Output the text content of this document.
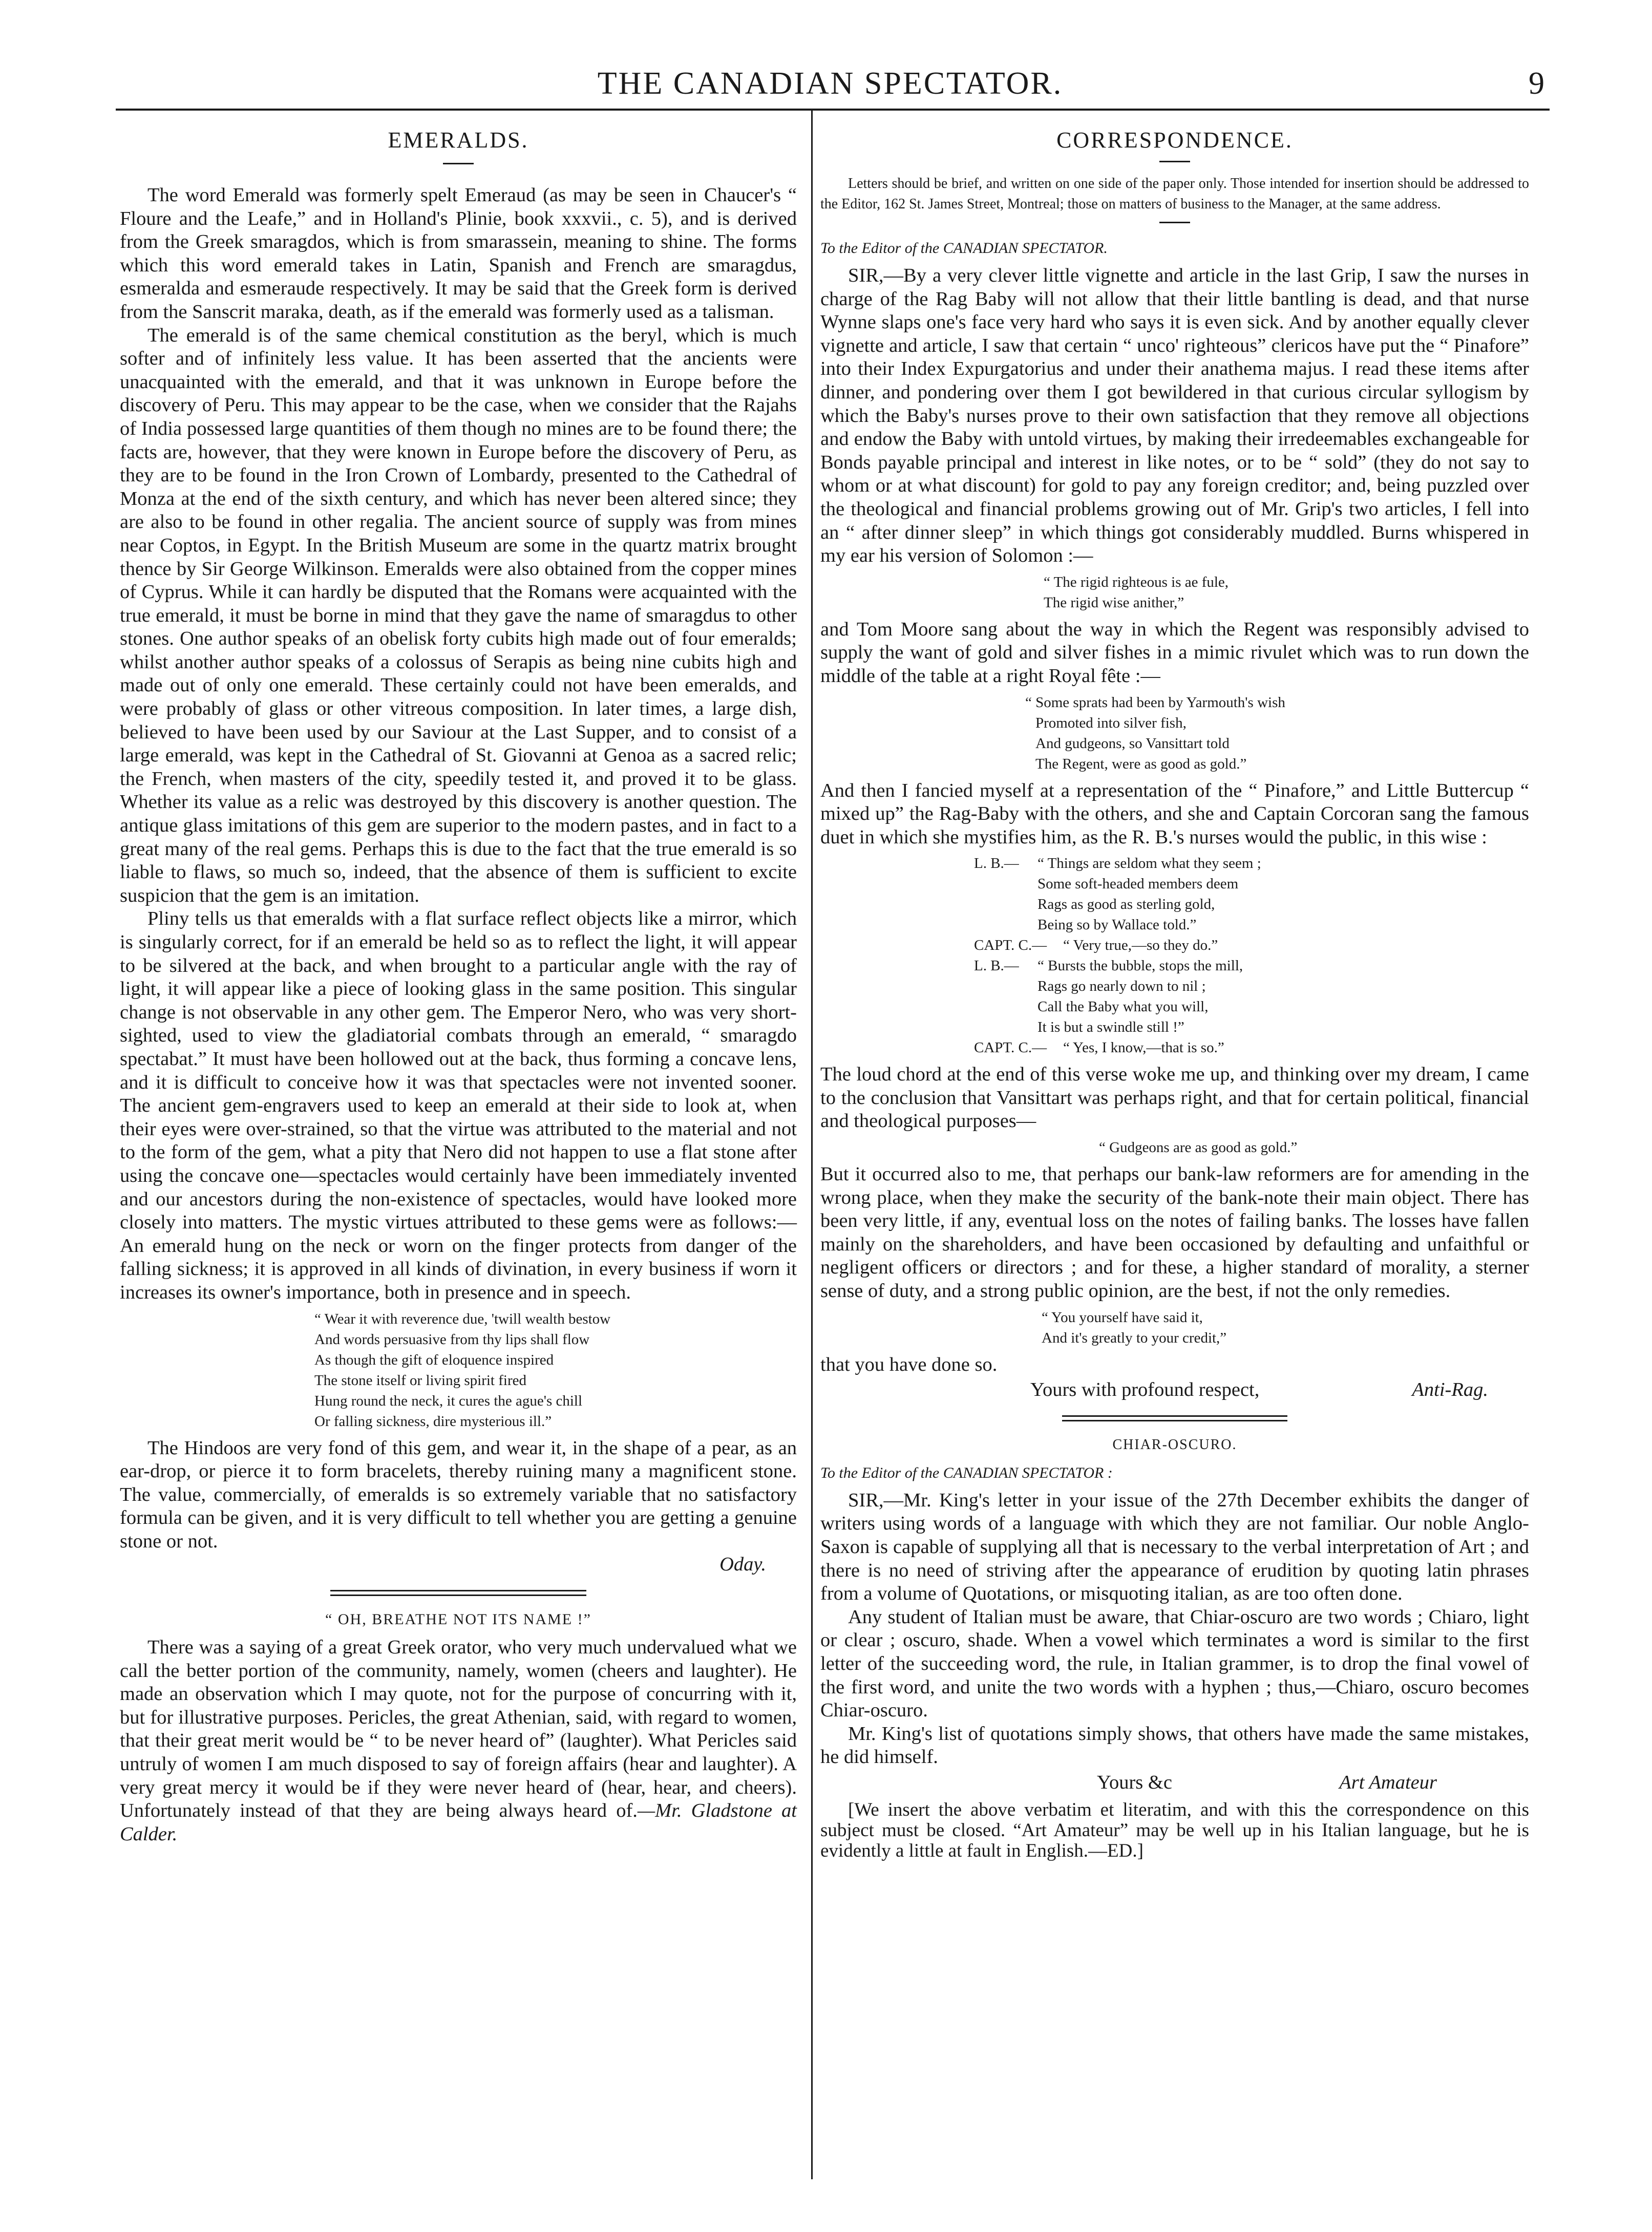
THE CANADIAN SPECTATOR.	9
EMERALDS.

The word Emerald was formerly spelt Emeraud (as may be seen in Chaucer's “ Floure and the Leafe,” and in Holland's Plinie, book xxxvii., c. 5), and is derived from the Greek smaragdos, which is from smarassein, meaning to shine. The forms which this word emerald takes in Latin, Spanish and French are smaragdus, esmeralda and esmeraude respectively. It may be said that the Greek form is derived from the Sanscrit maraka, death, as if the emerald was formerly used as a talisman.

The emerald is of the same chemical constitution as the beryl, which is much softer and of infinitely less value. It has been asserted that the ancients were unacquainted with the emerald, and that it was unknown in Europe before the discovery of Peru. This may appear to be the case, when we consider that the Rajahs of India possessed large quantities of them though no mines are to be found there; the facts are, however, that they were known in Europe before the discovery of Peru, as they are to be found in the Iron Crown of Lombardy, presented to the Cathedral of Monza at the end of the sixth century, and which has never been altered since; they are also to be found in other regalia. The ancient source of supply was from mines near Coptos, in Egypt. In the British Museum are some in the quartz matrix brought thence by Sir George Wilkinson. Emeralds were also obtained from the copper mines of Cyprus. While it can hardly be disputed that the Romans were acquainted with the true emerald, it must be borne in mind that they gave the name of smaragdus to other stones. One author speaks of an obelisk forty cubits high made out of four emeralds; whilst another author speaks of a colossus of Serapis as being nine cubits high and made out of only one emerald. These certainly could not have been emeralds, and were probably of glass or other vitreous composition. In later times, a large dish, believed to have been used by our Saviour at the Last Supper, and to consist of a large emerald, was kept in the Cathedral of St. Giovanni at Genoa as a sacred relic; the French, when masters of the city, speedily tested it, and proved it to be glass. Whether its value as a relic was destroyed by this discovery is another question. The antique glass imitations of this gem are superior to the modern pastes, and in fact to a great many of the real gems. Perhaps this is due to the fact that the true emerald is so liable to flaws, so much so, indeed, that the absence of them is sufficient to excite suspicion that the gem is an imitation.

Pliny tells us that emeralds with a flat surface reflect objects like a mirror, which is singularly correct, for if an emerald be held so as to reflect the light, it will appear to be silvered at the back, and when brought to a particular angle with the ray of light, it will appear like a piece of looking glass in the same position. This singular change is not observable in any other gem. The Emperor Nero, who was very short-sighted, used to view the gladiatorial combats through an emerald, “ smaragdo spectabat.” It must have been hollowed out at the back, thus forming a concave lens, and it is difficult to conceive how it was that spectacles were not invented sooner. The ancient gem-engravers used to keep an emerald at their side to look at, when their eyes were over-strained, so that the virtue was attributed to the material and not to the form of the gem, what a pity that Nero did not happen to use a flat stone after using the concave one—spectacles would certainly have been immediately invented and our ancestors during the non-existence of spectacles, would have looked more closely into matters. The mystic virtues attributed to these gems were as follows:—An emerald hung on the neck or worn on the finger protects from danger of the falling sickness; it is approved in all kinds of divination, in every business if worn it increases its owner's importance, both in presence and in speech.

“ Wear it with reverence due, 'twill wealth bestow
And words persuasive from thy lips shall flow
As though the gift of eloquence inspired
The stone itself or living spirit fired
Hung round the neck, it cures the ague's chill
Or falling sickness, dire mysterious ill.”

The Hindoos are very fond of this gem, and wear it, in the shape of a pear, as an ear-drop, or pierce it to form bracelets, thereby ruining many a magnificent stone. The value, commercially, of emeralds is so extremely variable that no satisfactory formula can be given, and it is very difficult to tell whether you are getting a genuine stone or not.

Oday.
“ OH, BREATHE NOT ITS NAME !”

There was a saying of a great Greek orator, who very much undervalued what we call the better portion of the community, namely, women (cheers and laughter). He made an observation which I may quote, not for the purpose of concurring with it, but for illustrative purposes. Pericles, the great Athenian, said, with regard to women, that their great merit would be “ to be never heard of” (laughter). What Pericles said untruly of women I am much disposed to say of foreign affairs (hear and laughter). A very great mercy it would be if they were never heard of (hear, hear, and cheers). Unfortunately instead of that they are being always heard of.—Mr. Gladstone at Calder.

CORRESPONDENCE.

Letters should be brief, and written on one side of the paper only. Those intended for insertion should be addressed to the Editor, 162 St. James Street, Montreal; those on matters of business to the Manager, at the same address.

To the Editor of the CANADIAN SPECTATOR.

SIR,—By a very clever little vignette and article in the last Grip, I saw the nurses in charge of the Rag Baby will not allow that their little bantling is dead, and that nurse Wynne slaps one's face very hard who says it is even sick. And by another equally clever vignette and article, I saw that certain “ unco' righteous” clericos have put the “ Pinafore” into their Index Expurgatorius and under their anathema majus. I read these items after dinner, and pondering over them I got bewildered in that curious circular syllogism by which the Baby's nurses prove to their own satisfaction that they remove all objections and endow the Baby with untold virtues, by making their irredeemables exchangeable for Bonds payable principal and interest in like notes, or to be “ sold” (they do not say to whom or at what discount) for gold to pay any foreign creditor; and, being puzzled over the theological and financial problems growing out of Mr. Grip's two articles, I fell into an “ after dinner sleep” in which things got considerably muddled. Burns whispered in my ear his version of Solomon :—

“ The rigid righteous is ae fule,
The rigid wise anither,”

and Tom Moore sang about the way in which the Regent was responsibly advised to supply the want of gold and silver fishes in a mimic rivulet which was to run down the middle of the table at a right Royal fête :—

“ Some sprats had been by Yarmouth's wish
Promoted into silver fish,
And gudgeons, so Vansittart told
The Regent, were as good as gold.”

And then I fancied myself at a representation of the “ Pinafore,” and Little Buttercup “ mixed up” the Rag-Baby with the others, and she and Captain Corcoran sang the famous duet in which she mystifies him, as the R. B.'s nurses would the public, in this wise :

L. B.—	“ Things are seldom what they seem ;
Some soft-headed members deem
Rags as good as sterling gold,
Being so by Wallace told.”
CAPT. C.—	“ Very true,—so they do.”
L. B.—	“ Bursts the bubble, stops the mill,
Rags go nearly down to nil ;
Call the Baby what you will,
It is but a swindle still !”
CAPT. C.—	“ Yes, I know,—that is so.”

The loud chord at the end of this verse woke me up, and thinking over my dream, I came to the conclusion that Vansittart was perhaps right, and that for certain political, financial and theological purposes—

“ Gudgeons are as good as gold.”

But it occurred also to me, that perhaps our bank-law reformers are for amending in the wrong place, when they make the security of the bank-note their main object. There has been very little, if any, eventual loss on the notes of failing banks. The losses have fallen mainly on the shareholders, and have been occasioned by defaulting and unfaithful or negligent officers or directors ; and for these, a higher standard of morality, a sterner sense of duty, and a strong public opinion, are the best, if not the only remedies.

“ You yourself have said it,
And it's greatly to your credit,”

that you have done so.

Yours with profound respect,	Anti-Rag.
CHIAR-OSCURO.

To the Editor of the CANADIAN SPECTATOR :

SIR,—Mr. King's letter in your issue of the 27th December exhibits the danger of writers using words of a language with which they are not familiar. Our noble Anglo-Saxon is capable of supplying all that is necessary to the verbal interpretation of Art ; and there is no need of striving after the appearance of erudition by quoting latin phrases from a volume of Quotations, or misquoting italian, as are too often done.

Any student of Italian must be aware, that Chiar-oscuro are two words ; Chiaro, light or clear ; oscuro, shade. When a vowel which terminates a word is similar to the first letter of the succeeding word, the rule, in Italian grammer, is to drop the final vowel of the first word, and unite the two words with a hyphen ; thus,—Chiaro, oscuro becomes Chiar-oscuro.

Mr. King's list of quotations simply shows, that others have made the same mistakes, he did himself.

Yours &c	Art Amateur

[We insert the above verbatim et literatim, and with this the correspondence on this subject must be closed. “Art Amateur” may be well up in his Italian language, but he is evidently a little at fault in English.—ED.]
